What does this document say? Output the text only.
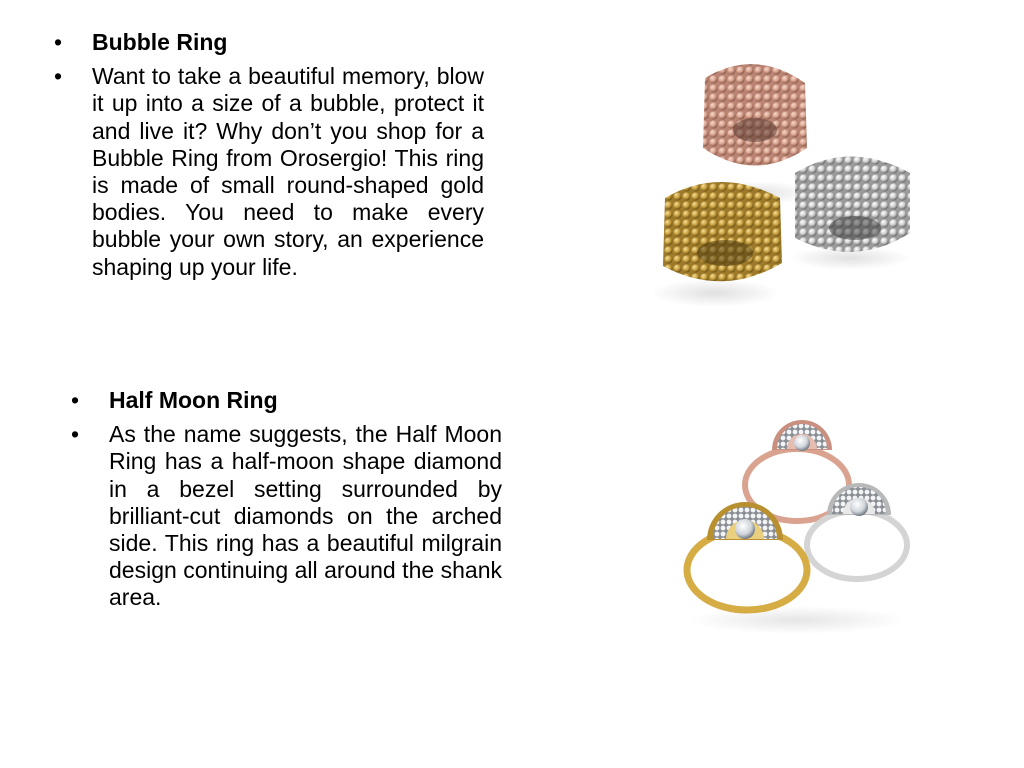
•	Bubble Ring
•	Want to take a beautiful memory, blow it up into a size of a bubble, protect it and live it? Why don’t you shop for a Bubble Ring from Orosergio! This ring is made of small round-shaped gold bodies. You need to make every bubble your own story, an experience shaping up your life.
•	Half Moon Ring
•	As the name suggests, the Half Moon Ring has a half-moon shape diamond in a bezel setting surrounded by brilliant-cut diamonds on the arched side. This ring has a beautiful milgrain design continuing all around the shank area.
